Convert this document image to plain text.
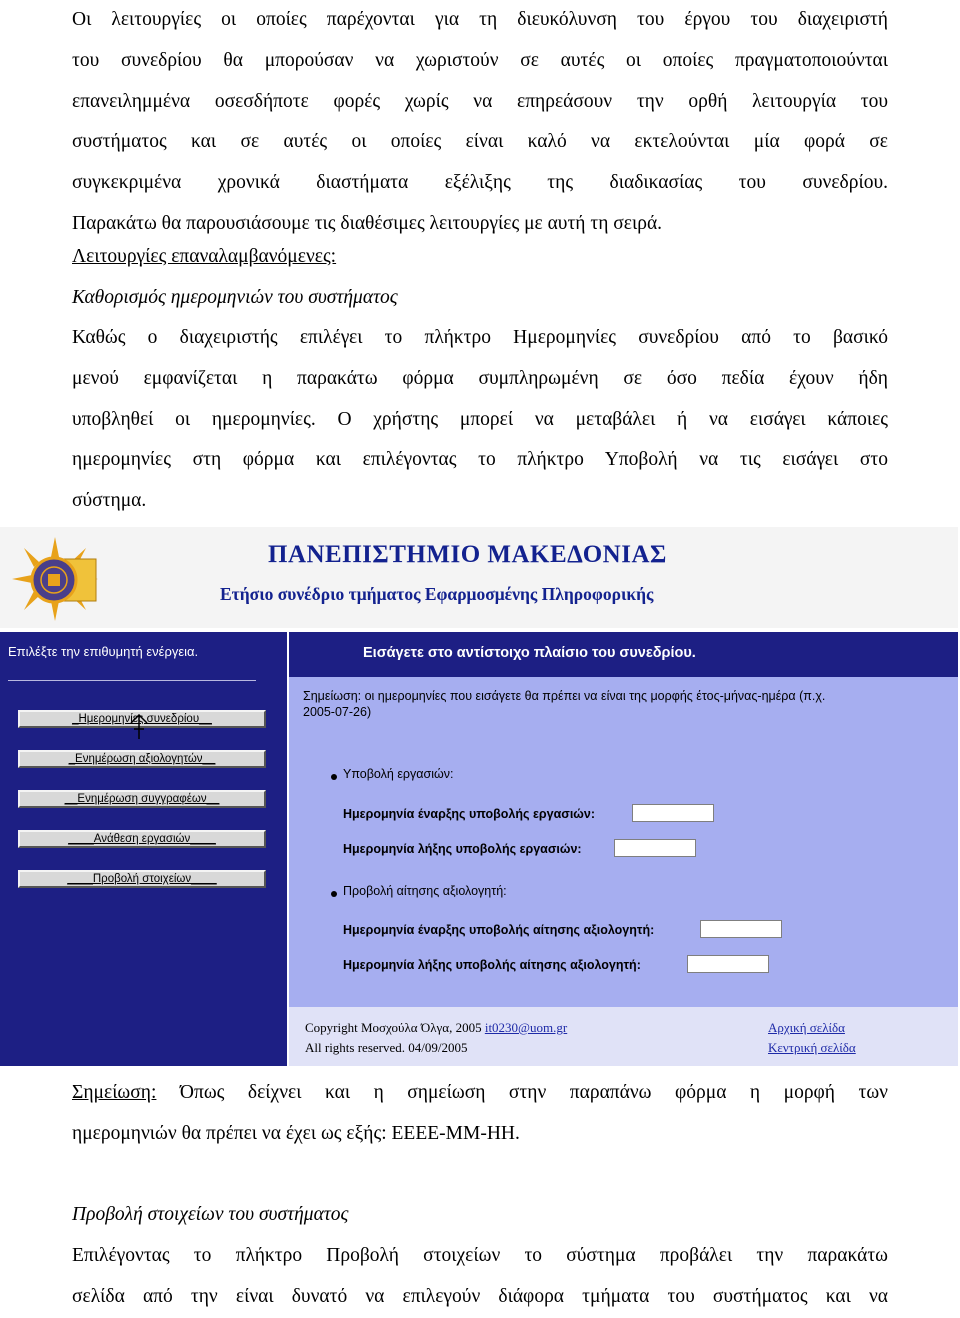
Οι λειτουργίες οι οποίες παρέχονται για τη διευκόλυνση του έργου του διαχειριστή
του συνεδρίου θα μπορούσαν να χωριστούν σε αυτές οι οποίες πραγματοποιούνται
επανειλημμένα οσεσδήποτε φορές χωρίς να επηρεάσουν την ορθή λειτουργία του
συστήματος και σε αυτές οι οποίες είναι καλό να εκτελούνται μία φορά σε
συγκεκριμένα χρονικά διαστήματα εξέλιξης της διαδικασίας του συνεδρίου.
Παρακάτω θα παρουσιάσουμε τις διαθέσιμες λειτουργίες με αυτή τη σειρά.
Λειτουργίες επαναλαμβανόμενες:
Καθορισμός ημερομηνιών του συστήματος
Καθώς ο διαχειριστής επιλέγει το πλήκτρο Ημερομηνίες συνεδρίου από το βασικό
μενού εμφανίζεται η παρακάτω φόρμα συμπληρωμένη σε όσο πεδία έχουν ήδη
υποβληθεί οι ημερομηνίες. Ο χρήστης μπορεί να μεταβάλει ή να εισάγει κάποιες
ημερομηνίες στη φόρμα και επιλέγοντας το πλήκτρο Υποβολή να τις εισάγει στο
σύστημα.
ΠΑΝΕΠΙΣΤΗΜΙΟ ΜΑΚΕΔΟΝΙΑΣ
Ετήσιο συνέδριο τμήματος Εφαρμοσμένης Πληροφορικής
Επιλέξτε την επιθυμητή ενέργεια.
_Ημερομηνίες συνεδρίου__
_Ενημέρωση αξιολογητών__
__Ενημέρωση συγγραφέων__
____Ανάθεση εργασιών____
____Προβολή στοιχείων____
Εισάγετε στο αντίστοιχο πλαίσιο του συνεδρίου.
Σημείωση: οι ημερομηνίες που εισάγετε θα πρέπει να είναι της μορφής έτος-μήνας-ημέρα (π.χ.
2005-07-26)
Υποβολή εργασιών:
Ημερομηνία έναρξης υποβολής εργασιών:
Ημερομηνία λήξης υποβολής εργασιών:
Προβολή αίτησης αξιολογητή:
Ημερομηνία έναρξης υποβολής αίτησης αξιολογητή:
Ημερομηνία λήξης υποβολής αίτησης αξιολογητή:
Copyright Μοσχούλα Όλγα, 2005 it0230@uom.gr
All rights reserved. 04/09/2005
Αρχική σελίδα
Κεντρική σελίδα
Σημείωση: Όπως δείχνει και η σημείωση στην παραπάνω φόρμα η μορφή των
ημερομηνιών θα πρέπει να έχει ως εξής: ΕΕΕΕ-ΜΜ-ΗΗ.
Προβολή στοιχείων του συστήματος
Επιλέγοντας το πλήκτρο Προβολή στοιχείων το σύστημα προβάλει την παρακάτω
σελίδα από την είναι δυνατό να επιλεγούν διάφορα τμήματα του συστήματος και να
